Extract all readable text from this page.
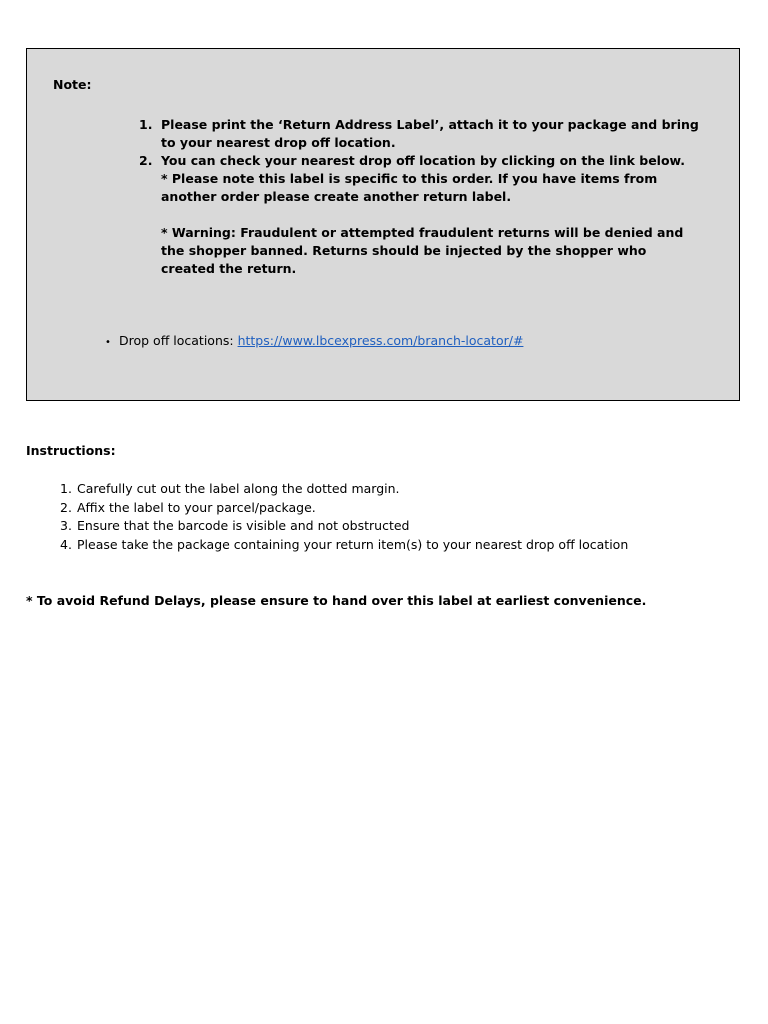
Note:
1. Please print the ‘Return Address Label’, attach it to your package and bring to your nearest drop off location.
2. You can check your nearest drop off location by clicking on the link below.
* Please note this label is specific to this order. If you have items from another order please create another return label.
* Warning: Fraudulent or attempted fraudulent returns will be denied and the shopper banned. Returns should be injected by the shopper who created the return.
• Drop off locations: https://www.lbcexpress.com/branch-locator/#
Instructions:
1. Carefully cut out the label along the dotted margin.
2. Affix the label to your parcel/package.
3. Ensure that the barcode is visible and not obstructed
4. Please take the package containing your return item(s) to your nearest drop off location
* To avoid Refund Delays, please ensure to hand over this label at earliest convenience.
